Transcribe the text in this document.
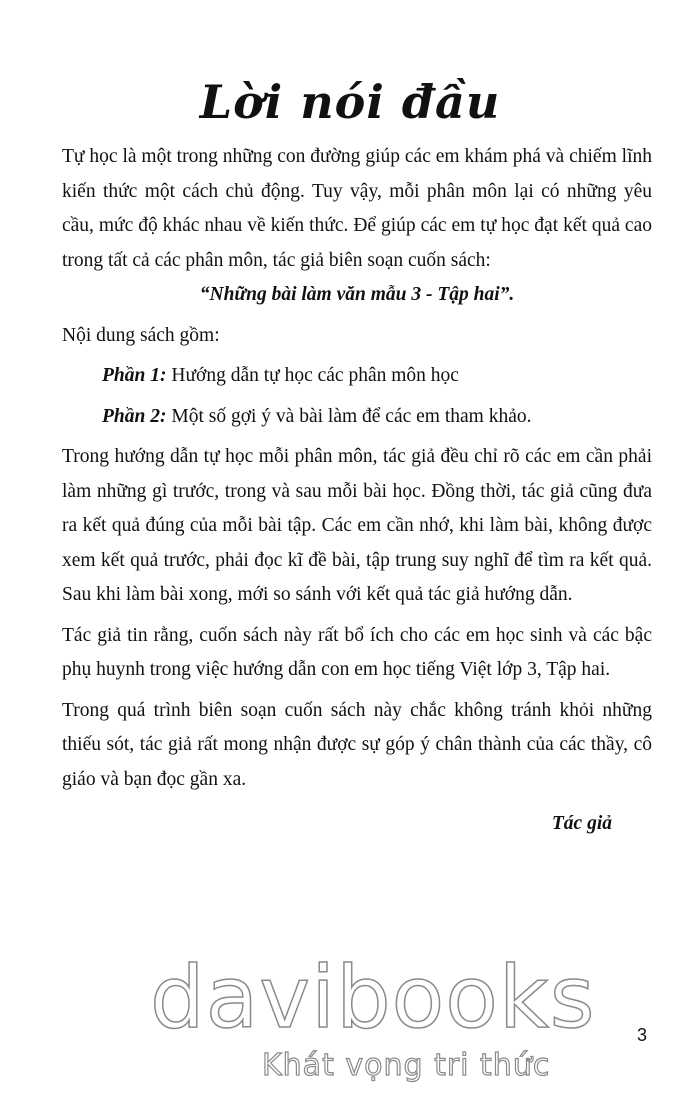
Lời nói đầu

Tự học là một trong những con đường giúp các em khám phá và chiếm lĩnh kiến thức một cách chủ động. Tuy vậy, mỗi phân môn lại có những yêu cầu, mức độ khác nhau về kiến thức. Để giúp các em tự học đạt kết quả cao trong tất cả các phân môn, tác giả biên soạn cuốn sách:

“Những bài làm văn mẫu 3 - Tập hai”.

Nội dung sách gồm:

Phần 1: Hướng dẫn tự học các phân môn học

Phần 2: Một số gợi ý và bài làm để các em tham khảo.

Trong hướng dẫn tự học mỗi phân môn, tác giả đều chỉ rõ các em cần phải làm những gì trước, trong và sau mỗi bài học. Đồng thời, tác giả cũng đưa ra kết quả đúng của mỗi bài tập. Các em cần nhớ, khi làm bài, không được xem kết quả trước, phải đọc kĩ đề bài, tập trung suy nghĩ để tìm ra kết quả. Sau khi làm bài xong, mới so sánh với kết quả tác giả hướng dẫn.

Tác giả tin rằng, cuốn sách này rất bổ ích cho các em học sinh và các bậc phụ huynh trong việc hướng dẫn con em học tiếng Việt lớp 3, Tập hai.

Trong quá trình biên soạn cuốn sách này chắc không tránh khỏi những thiếu sót, tác giả rất mong nhận được sự góp ý chân thành của các thầy, cô giáo và bạn đọc gần xa.

Tác giả

davibooks
Khát vọng tri thức
3
